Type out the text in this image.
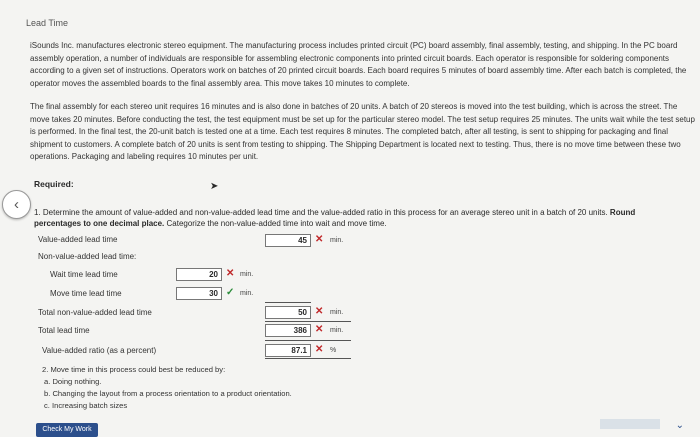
Lead Time
iSounds Inc. manufactures electronic stereo equipment. The manufacturing process includes printed circuit (PC) board assembly, final assembly, testing, and shipping. In the PC board assembly operation, a number of individuals are responsible for assembling electronic components into printed circuit boards. Each operator is responsible for soldering components according to a given set of instructions. Operators work on batches of 20 printed circuit boards. Each board requires 5 minutes of board assembly time. After each batch is completed, the operator moves the assembled boards to the final assembly area. This move takes 10 minutes to complete.
The final assembly for each stereo unit requires 16 minutes and is also done in batches of 20 units. A batch of 20 stereos is moved into the test building, which is across the street. The move takes 20 minutes. Before conducting the test, the test equipment must be set up for the particular stereo model. The test setup requires 25 minutes. The units wait while the test setup is performed. In the final test, the 20-unit batch is tested one at a time. Each test requires 8 minutes. The completed batch, after all testing, is sent to shipping for packaging and final shipment to customers. A complete batch of 20 units is sent from testing to shipping. The Shipping Department is located next to testing. Thus, there is no move time between these two operations. Packaging and labeling requires 10 minutes per unit.
Required:	➤
‹ 1. Determine the amount of value-added and non-value-added lead time and the value-added ratio in this process for an average stereo unit in a batch of 20 units. Round percentages to one decimal place. Categorize the non-value-added time into wait and move time.
Value-added lead time	45 ✕ min.
Non-value-added lead time:
Wait time lead time	20 ✕ min.
Move time lead time	30 ✓ min.
Total non-value-added lead time	50 ✕ min.
Total lead time	386 ✕ min.
Value-added ratio (as a percent)	87.1 ✕ %
2. Move time in this process could best be reduced by:
a. Doing nothing.
b. Changing the layout from a process orientation to a product orientation.
c. Increasing batch sizes
Check My Work	⌄
